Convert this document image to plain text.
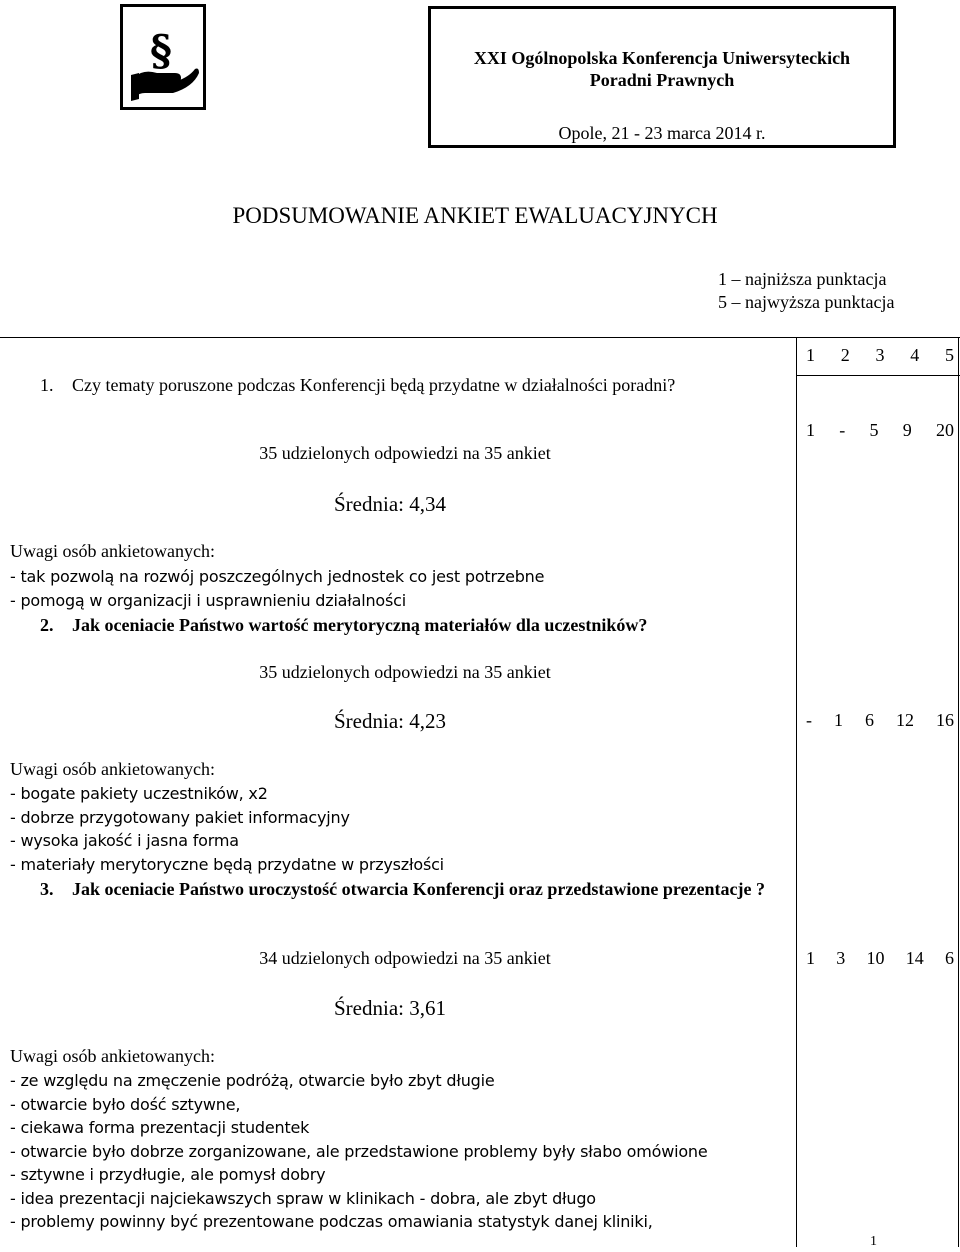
§	XXI Ogólnopolska Konferencja Uniwersyteckich
Poradni Prawnych
Opole, 21 - 23 marca 2014 r.
PODSUMOWANIE ANKIET EWALUACYJNYCH
1 – najniższa punktacja
5 – najwyższa punktacja
1 2 3 4 5
1. Czy tematy poruszone podczas Konferencji będą przydatne w działalności poradni?
35 udzielonych odpowiedzi na 35 ankiet
1 - 5 9 20
Średnia: 4,34
Uwagi osób ankietowanych:
- tak pozwolą na rozwój poszczególnych jednostek co jest potrzebne
- pomogą w organizacji i usprawnieniu działalności
2. Jak oceniacie Państwo wartość merytoryczną materiałów dla uczestników?
35 udzielonych odpowiedzi na 35 ankiet
Średnia: 4,23	- 1 6 12 16
Uwagi osób ankietowanych:
- bogate pakiety uczestników, x2
- dobrze przygotowany pakiet informacyjny
- wysoka jakość i jasna forma
- materiały merytoryczne będą przydatne w przyszłości
3. Jak oceniacie Państwo uroczystość otwarcia Konferencji oraz przedstawione prezentacje ?
34 udzielonych odpowiedzi na 35 ankiet	1 3 10 14 6
Średnia: 3,61
Uwagi osób ankietowanych:
- ze względu na zmęczenie podróżą, otwarcie było zbyt długie
- otwarcie było dość sztywne,
- ciekawa forma prezentacji studentek
- otwarcie było dobrze zorganizowane, ale przedstawione problemy były słabo omówione
- sztywne i przydługie, ale pomysł dobry
- idea prezentacji najciekawszych spraw w klinikach - dobra, ale zbyt długo
- problemy powinny być prezentowane podczas omawiania statystyk danej kliniki,
1
